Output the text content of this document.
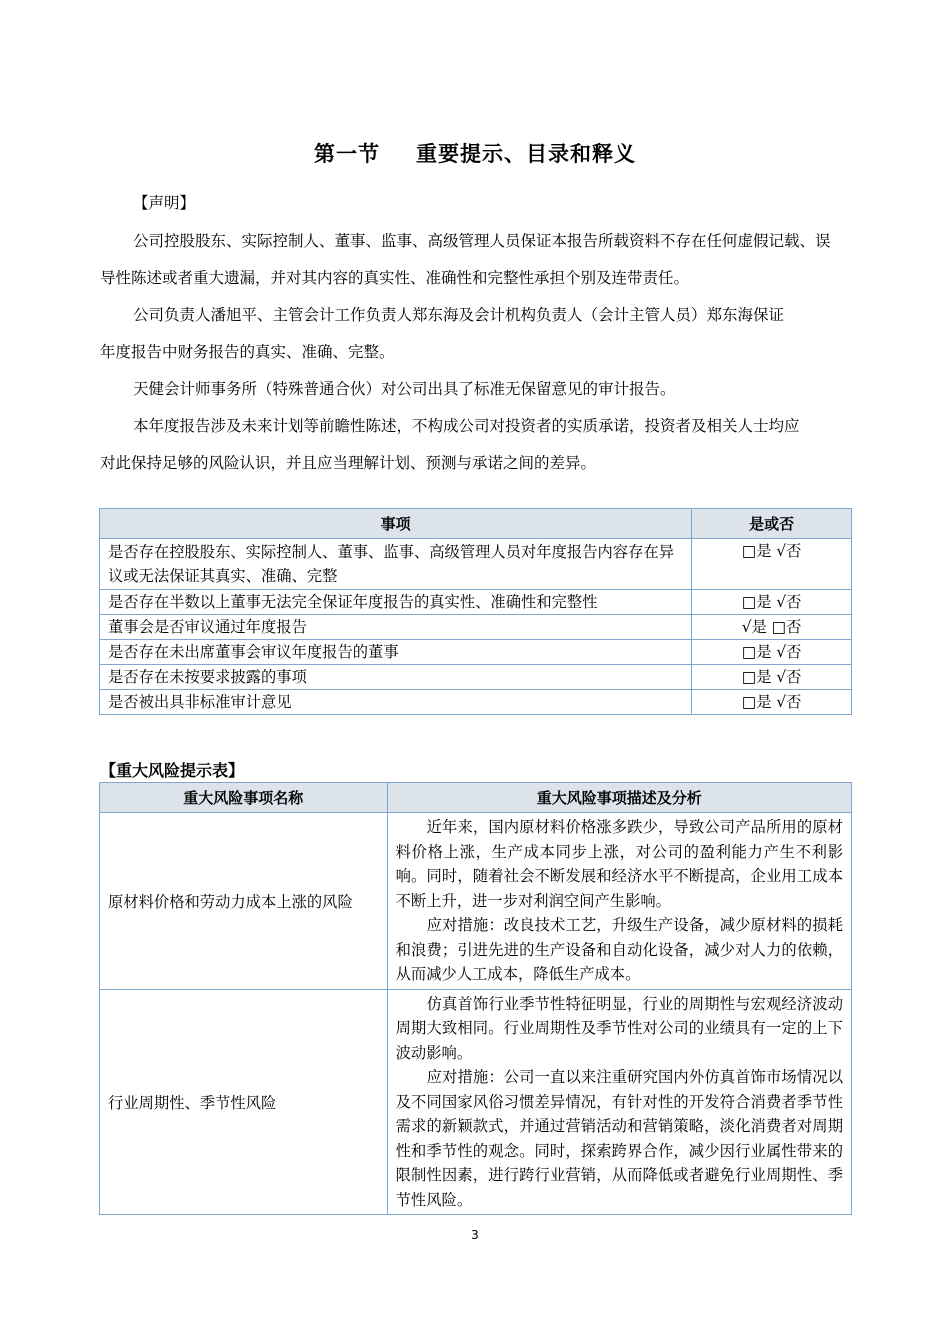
第一节 重要提示、目录和释义
【声明】
公司控股股东、实际控制人、董事、监事、高级管理人员保证本报告所载资料不存在任何虚假记载、误
导性陈述或者重大遗漏，并对其内容的真实性、准确性和完整性承担个别及连带责任。
公司负责人潘旭平、主管会计工作负责人郑东海及会计机构负责人（会计主管人员）郑东海保证
年度报告中财务报告的真实、准确、完整。
天健会计师事务所（特殊普通合伙）对公司出具了标准无保留意见的审计报告。
本年度报告涉及未来计划等前瞻性陈述，不构成公司对投资者的实质承诺，投资者及相关人士均应
对此保持足够的风险认识，并且应当理解计划、预测与承诺之间的差异。
事项	是或否
是否存在控股股东、实际控制人、董事、监事、高级管理人员对年度报告内容存在异议或无法保证其真实、准确、完整	□是 √否
是否存在半数以上董事无法完全保证年度报告的真实性、准确性和完整性	□是 √否
董事会是否审议通过年度报告	√是 □否
是否存在未出席董事会审议年度报告的董事	□是 √否
是否存在未按要求披露的事项	□是 √否
是否被出具非标准审计意见	□是 √否
【重大风险提示表】
重大风险事项名称	重大风险事项描述及分析
原材料价格和劳动力成本上涨的风险	近年来，国内原材料价格涨多跌少，导致公司产品所用的原材料价格上涨，生产成本同步上涨，对公司的盈利能力产生不利影响。同时，随着社会不断发展和经济水平不断提高，企业用工成本不断上升，进一步对利润空间产生影响。

应对措施：改良技术工艺，升级生产设备，减少原材料的损耗和浪费；引进先进的生产设备和自动化设备，减少对人力的依赖，从而减少人工成本，降低生产成本。

行业周期性、季节性风险	仿真首饰行业季节性特征明显，行业的周期性与宏观经济波动周期大致相同。行业周期性及季节性对公司的业绩具有一定的上下波动影响。

应对措施：公司一直以来注重研究国内外仿真首饰市场情况以及不同国家风俗习惯差异情况，有针对性的开发符合消费者季节性需求的新颖款式，并通过营销活动和营销策略，淡化消费者对周期性和季节性的观念。同时，探索跨界合作，减少因行业属性带来的限制性因素，进行跨行业营销，从而降低或者避免行业周期性、季节性风险。

3
